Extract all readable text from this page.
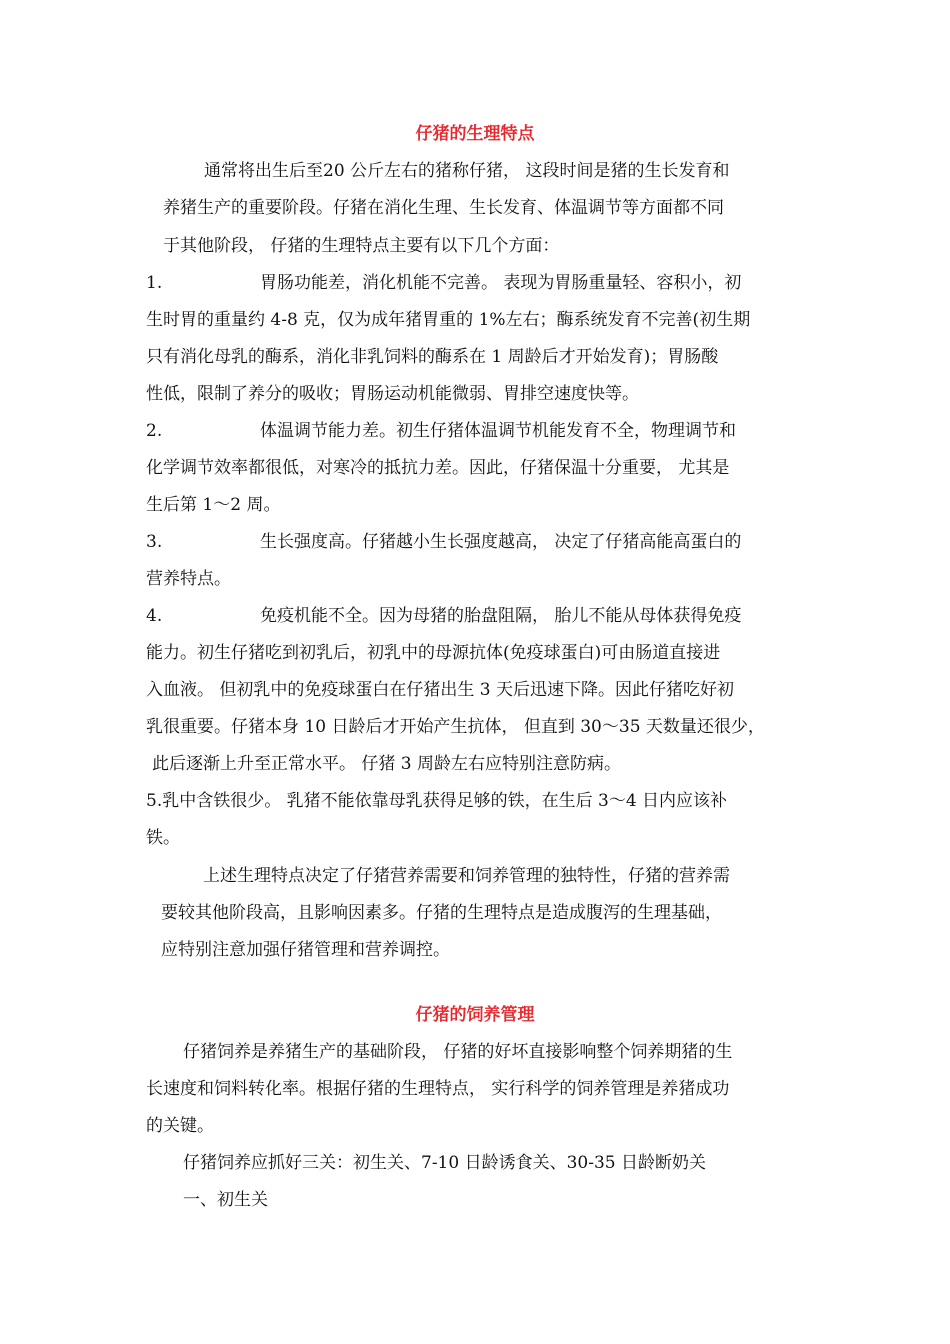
仔猪的生理特点
通常将出生后至20 公斤左右的猪称仔猪， 这段时间是猪的生长发育和
养猪生产的重要阶段。仔猪在消化生理、生长发育、体温调节等方面都不同
于其他阶段， 仔猪的生理特点主要有以下几个方面：
1.	胃肠功能差，消化机能不完善。 表现为胃肠重量轻、容积小，初
生时胃的重量约 4-8 克，仅为成年猪胃重的 1%左右；酶系统发育不完善(初生期
只有消化母乳的酶系，消化非乳饲料的酶系在 1 周龄后才开始发育)；胃肠酸
性低，限制了养分的吸收；胃肠运动机能微弱、胃排空速度快等。
2.	体温调节能力差。初生仔猪体温调节机能发育不全，物理调节和
化学调节效率都很低，对寒冷的抵抗力差。因此，仔猪保温十分重要， 尤其是
生后第 1～2 周。
3.	生长强度高。仔猪越小生长强度越高， 决定了仔猪高能高蛋白的
营养特点。
4.	免疫机能不全。因为母猪的胎盘阻隔， 胎儿不能从母体获得免疫
能力。初生仔猪吃到初乳后，初乳中的母源抗体(免疫球蛋白)可由肠道直接进
入血液。 但初乳中的免疫球蛋白在仔猪出生 3 天后迅速下降。因此仔猪吃好初
乳很重要。仔猪本身 10 日龄后才开始产生抗体， 但直到 30～35 天数量还很少，
此后逐渐上升至正常水平。 仔猪 3 周龄左右应特别注意防病。
5.乳中含铁很少。 乳猪不能依靠母乳获得足够的铁，在生后 3～4 日内应该补
铁。
上述生理特点决定了仔猪营养需要和饲养管理的独特性，仔猪的营养需
要较其他阶段高，且影响因素多。仔猪的生理特点是造成腹泻的生理基础，
应特别注意加强仔猪管理和营养调控。
仔猪的饲养管理
仔猪饲养是养猪生产的基础阶段， 仔猪的好坏直接影响整个饲养期猪的生
长速度和饲料转化率。根据仔猪的生理特点， 实行科学的饲养管理是养猪成功
的关键。
仔猪饲养应抓好三关：初生关、7-10 日龄诱食关、30-35 日龄断奶关
一、初生关
